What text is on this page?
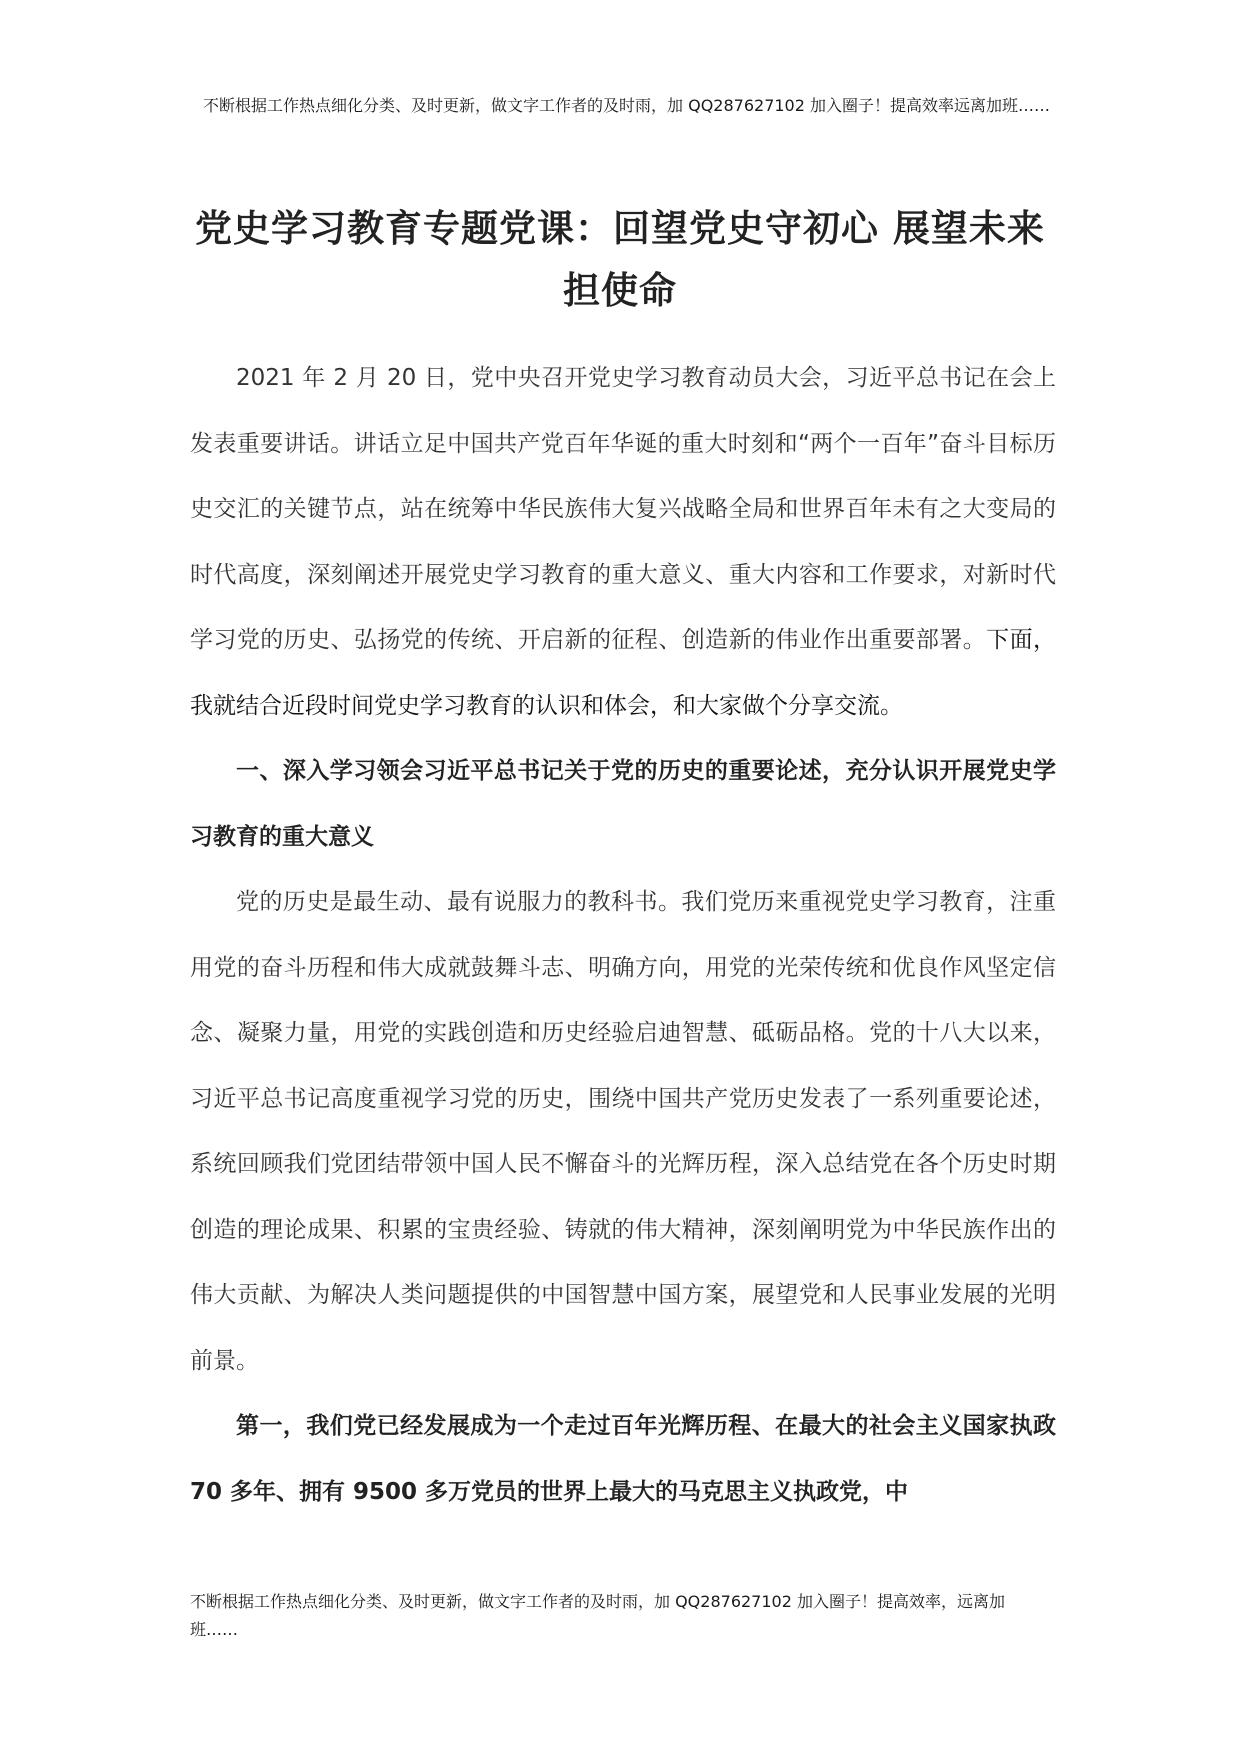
不断根据工作热点细化分类、及时更新，做文字工作者的及时雨，加 QQ287627102 加入圈子！提高效率远离加班……

党史学习教育专题党课：回望党史守初心 展望未来担使命

2021 年 2 月 20 日，党中央召开党史学习教育动员大会，习近平总书记在会上发表重要讲话。讲话立足中国共产党百年华诞的重大时刻和“两个一百年”奋斗目标历史交汇的关键节点，站在统筹中华民族伟大复兴战略全局和世界百年未有之大变局的时代高度，深刻阐述开展党史学习教育的重大意义、重大内容和工作要求，对新时代学习党的历史、弘扬党的传统、开启新的征程、创造新的伟业作出重要部署。下面，我就结合近段时间党史学习教育的认识和体会，和大家做个分享交流。

一、深入学习领会习近平总书记关于党的历史的重要论述，充分认识开展党史学习教育的重大意义

党的历史是最生动、最有说服力的教科书。我们党历来重视党史学习教育，注重用党的奋斗历程和伟大成就鼓舞斗志、明确方向，用党的光荣传统和优良作风坚定信念、凝聚力量，用党的实践创造和历史经验启迪智慧、砥砺品格。党的十八大以来，习近平总书记高度重视学习党的历史，围绕中国共产党历史发表了一系列重要论述，系统回顾我们党团结带领中国人民不懈奋斗的光辉历程，深入总结党在各个历史时期创造的理论成果、积累的宝贵经验、铸就的伟大精神，深刻阐明党为中华民族作出的伟大贡献、为解决人类问题提供的中国智慧中国方案，展望党和人民事业发展的光明前景。

第一，我们党已经发展成为一个走过百年光辉历程、在最大的社会主义国家执政 70 多年、拥有 9500 多万党员的世界上最大的马克思主义执政党，中

不断根据工作热点细化分类、及时更新，做文字工作者的及时雨，加 QQ287627102 加入圈子！提高效率，远离加班……
